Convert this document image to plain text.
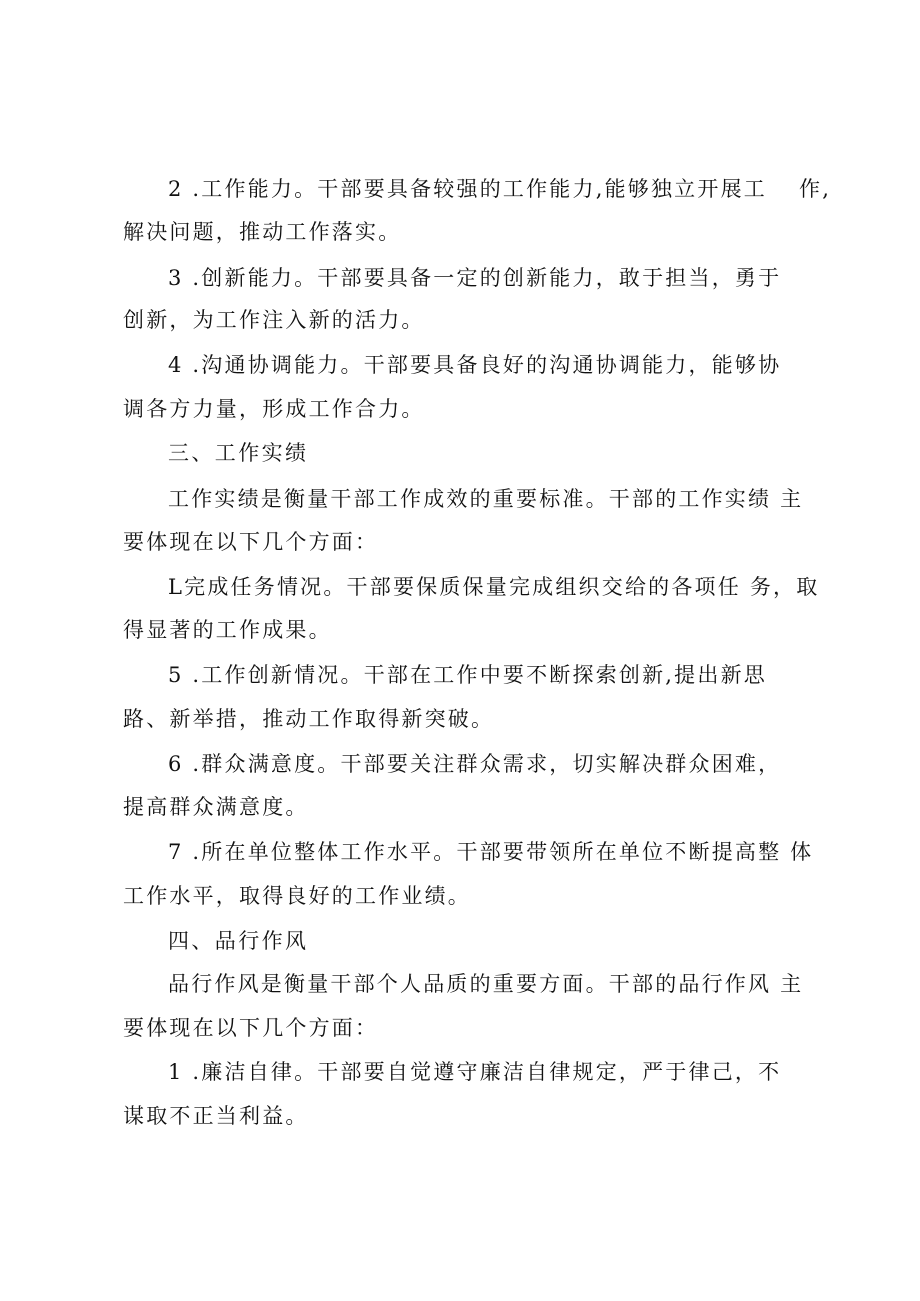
2 .工作能力。干部要具备较强的工作能力,能够独立开展工　 作,

解决问题，推动工作落实。

3 .创新能力。干部要具备一定的创新能力，敢于担当，勇于

创新，为工作注入新的活力。

4 .沟通协调能力。干部要具备良好的沟通协调能力，能够协

调各方力量，形成工作合力。

三、工作实绩

工作实绩是衡量干部工作成效的重要标准。干部的工作实绩 主

要体现在以下几个方面：

L完成任务情况。干部要保质保量完成组织交给的各项任 务，取

得显著的工作成果。

5 .工作创新情况。干部在工作中要不断探索创新,提出新思

路、新举措，推动工作取得新突破。

6 .群众满意度。干部要关注群众需求，切实解决群众困难，

提高群众满意度。

7 .所在单位整体工作水平。干部要带领所在单位不断提高整 体

工作水平，取得良好的工作业绩。

四、品行作风

品行作风是衡量干部个人品质的重要方面。干部的品行作风 主

要体现在以下几个方面：

1 .廉洁自律。干部要自觉遵守廉洁自律规定，严于律己，不

谋取不正当利益。
